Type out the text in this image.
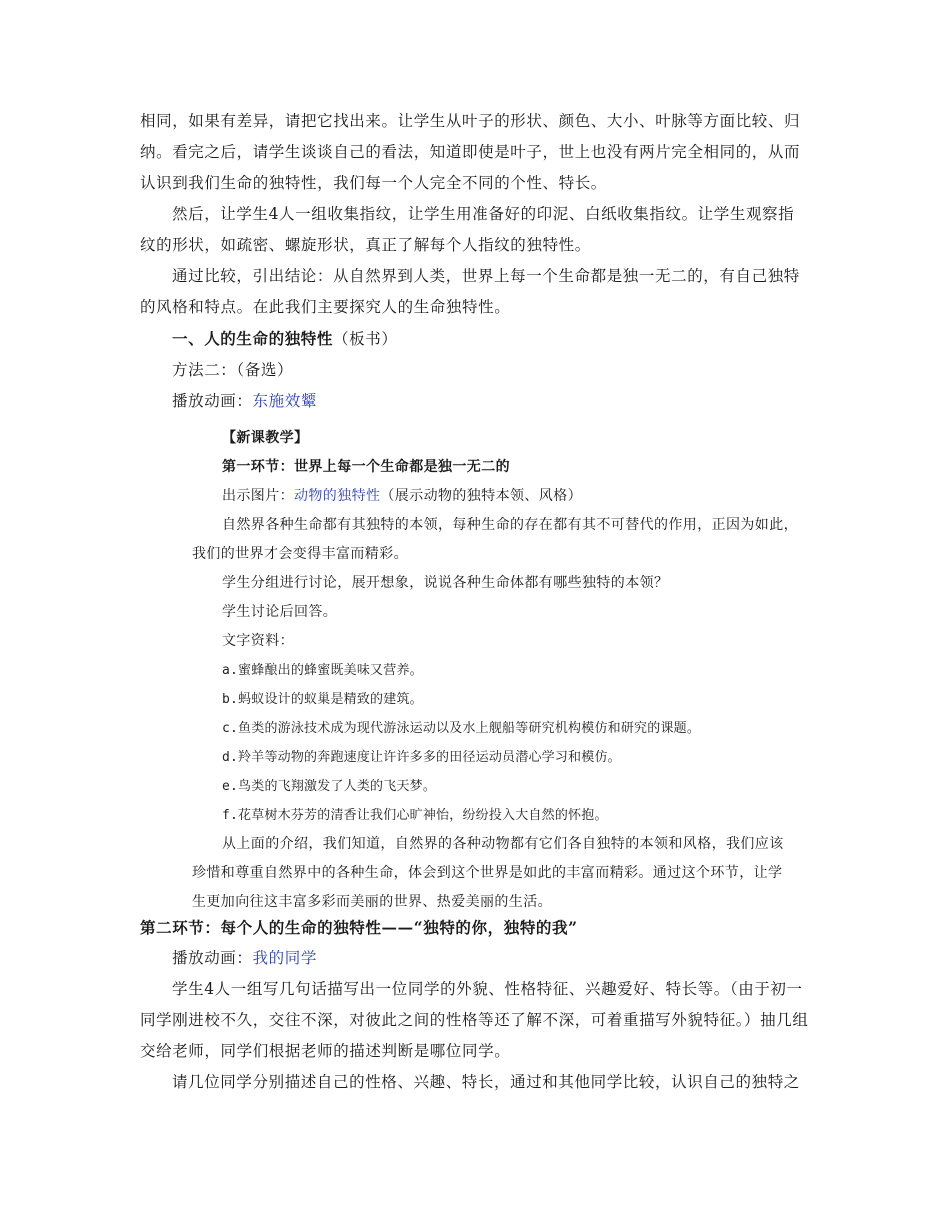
相同，如果有差异，请把它找出来。让学生从叶子的形状、颜色、大小、叶脉等方面比较、归纳。看完之后，请学生谈谈自己的看法，知道即使是叶子，世上也没有两片完全相同的，从而认识到我们生命的独特性，我们每一个人完全不同的个性、特长。

然后，让学生4人一组收集指纹，让学生用准备好的印泥、白纸收集指纹。让学生观察指纹的形状，如疏密、螺旋形状，真正了解每个人指纹的独特性。

通过比较，引出结论：从自然界到人类，世界上每一个生命都是独一无二的，有自己独特的风格和特点。在此我们主要探究人的生命独特性。

一、人的生命的独特性（板书）

方法二：（备选）

播放动画：东施效颦

【新课教学】

第一环节：世界上每一个生命都是独一无二的

出示图片：动物的独特性（展示动物的独特本领、风格）

自然界各种生命都有其独特的本领，每种生命的存在都有其不可替代的作用，正因为如此，

我们的世界才会变得丰富而精彩。

学生分组进行讨论，展开想象，说说各种生命体都有哪些独特的本领？

学生讨论后回答。

文字资料：

a.蜜蜂酿出的蜂蜜既美味又营养。

b.蚂蚁设计的蚁巢是精致的建筑。

c.鱼类的游泳技术成为现代游泳运动以及水上舰船等研究机构模仿和研究的课题。

d.羚羊等动物的奔跑速度让许许多多的田径运动员潜心学习和模仿。

e.鸟类的飞翔激发了人类的飞天梦。

f.花草树木芬芳的清香让我们心旷神怡，纷纷投入大自然的怀抱。

从上面的介绍，我们知道，自然界的各种动物都有它们各自独特的本领和风格，我们应该

珍惜和尊重自然界中的各种生命，体会到这个世界是如此的丰富而精彩。通过这个环节，让学

生更加向往这丰富多彩而美丽的世界、热爱美丽的生活。

第二环节：每个人的生命的独特性——“独特的你，独特的我”

播放动画：我的同学

学生4人一组写几句话描写出一位同学的外貌、性格特征、兴趣爱好、特长等。（由于初一同学刚进校不久，交往不深，对彼此之间的性格等还了解不深，可着重描写外貌特征。）抽几组交给老师，同学们根据老师的描述判断是哪位同学。

请几位同学分别描述自己的性格、兴趣、特长，通过和其他同学比较，认识自己的独特之
